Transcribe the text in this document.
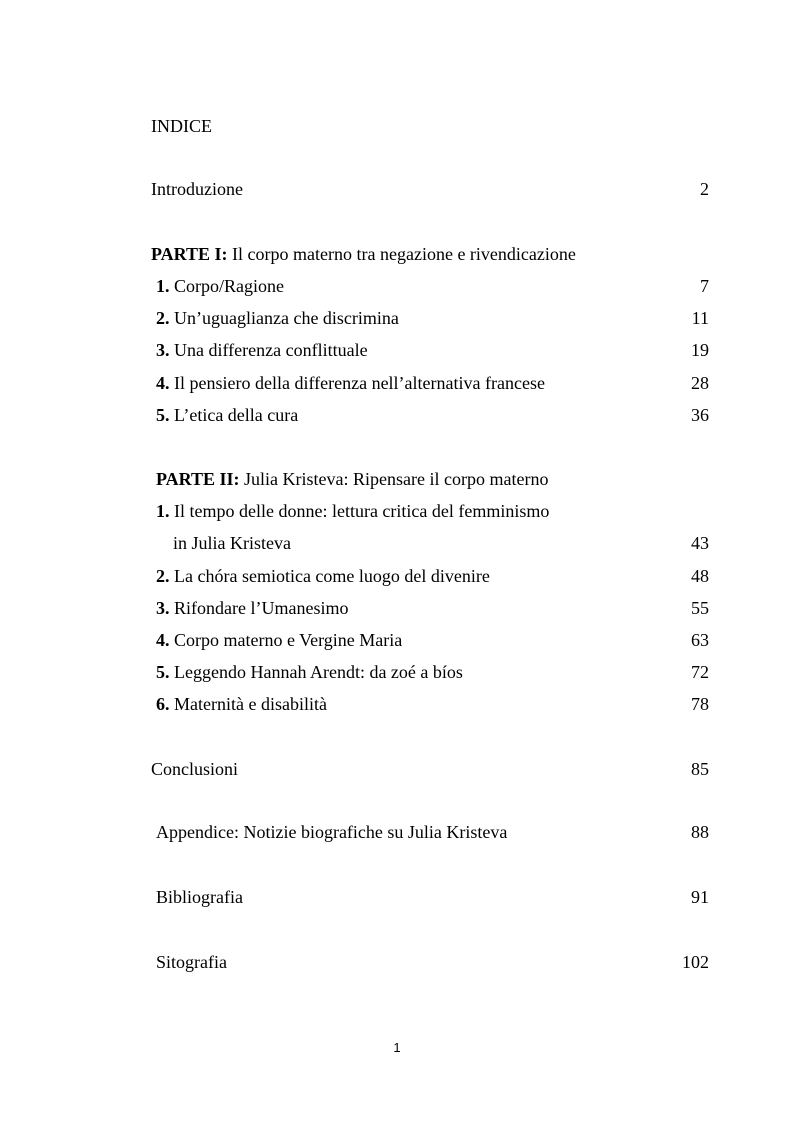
INDICE
Introduzione	2
PARTE I: Il corpo materno tra negazione e rivendicazione
1. Corpo/Ragione	7
2. Un’uguaglianza che discrimina	11
3. Una differenza conflittuale	19
4. Il pensiero della differenza nell’alternativa francese	28
5. L’etica della cura	36
PARTE II: Julia Kristeva: Ripensare il corpo materno
1. Il tempo delle donne: lettura critica del femminismo
in Julia Kristeva	43
2. La chóra semiotica come luogo del divenire	48
3. Rifondare l’Umanesimo	55
4. Corpo materno e Vergine Maria	63
5. Leggendo Hannah Arendt: da zoé a bíos	72
6. Maternità e disabilità	78
Conclusioni	85
Appendice: Notizie biografiche su Julia Kristeva	88
Bibliografia	91
Sitografia	102
1
